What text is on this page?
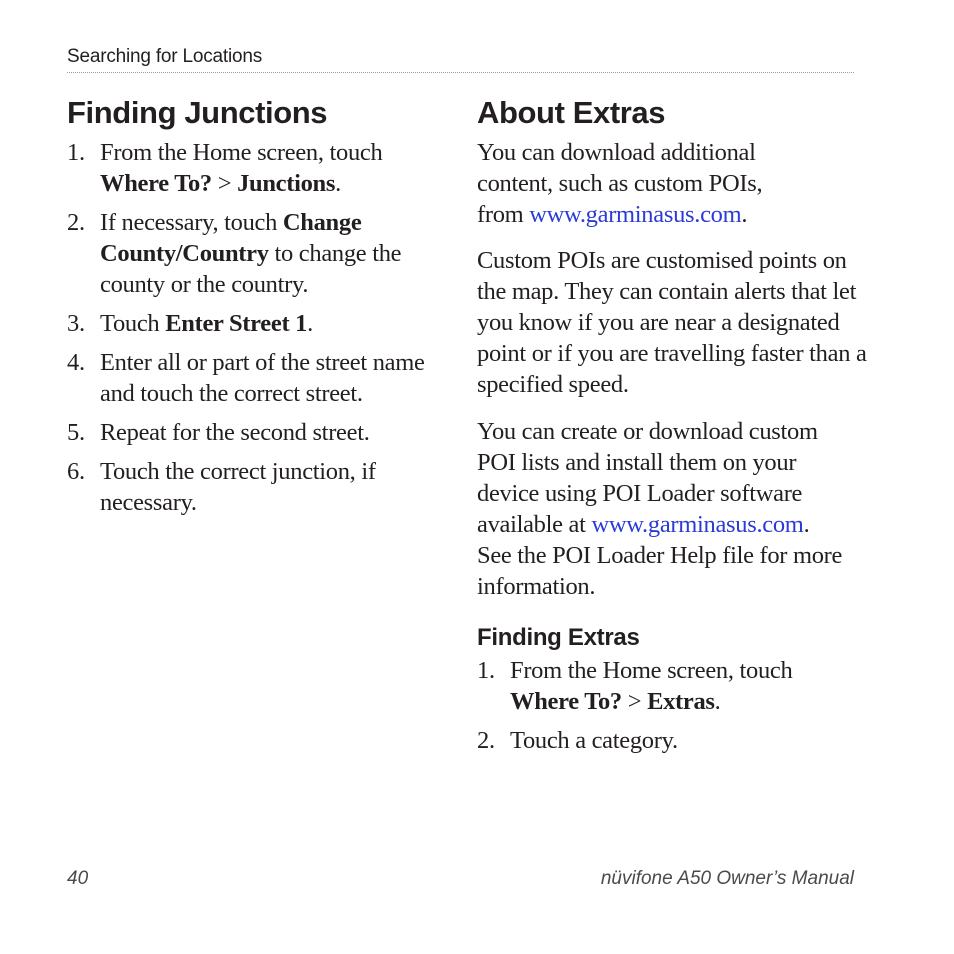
Searching for Locations
Finding Junctions
1. From the Home screen, touch Where To? > Junctions.
2. If necessary, touch Change County/Country to change the county or the country.
3. Touch Enter Street 1.
4. Enter all or part of the street name and touch the correct street.
5. Repeat for the second street.
6. Touch the correct junction, if necessary.
About Extras

You can download additional content, such as custom POIs, from www.garminasus.com.

Custom POIs are customised points on the map. They can contain alerts that let you know if you are near a designated point or if you are travelling faster than a specified speed.

You can create or download custom POI lists and install them on your device using POI Loader software available at www.garminasus.com. See the POI Loader Help file for more information.

Finding Extras
1. From the Home screen, touch Where To? > Extras.
2. Touch a category.
40	nüvifone A50 Owner’s Manual
